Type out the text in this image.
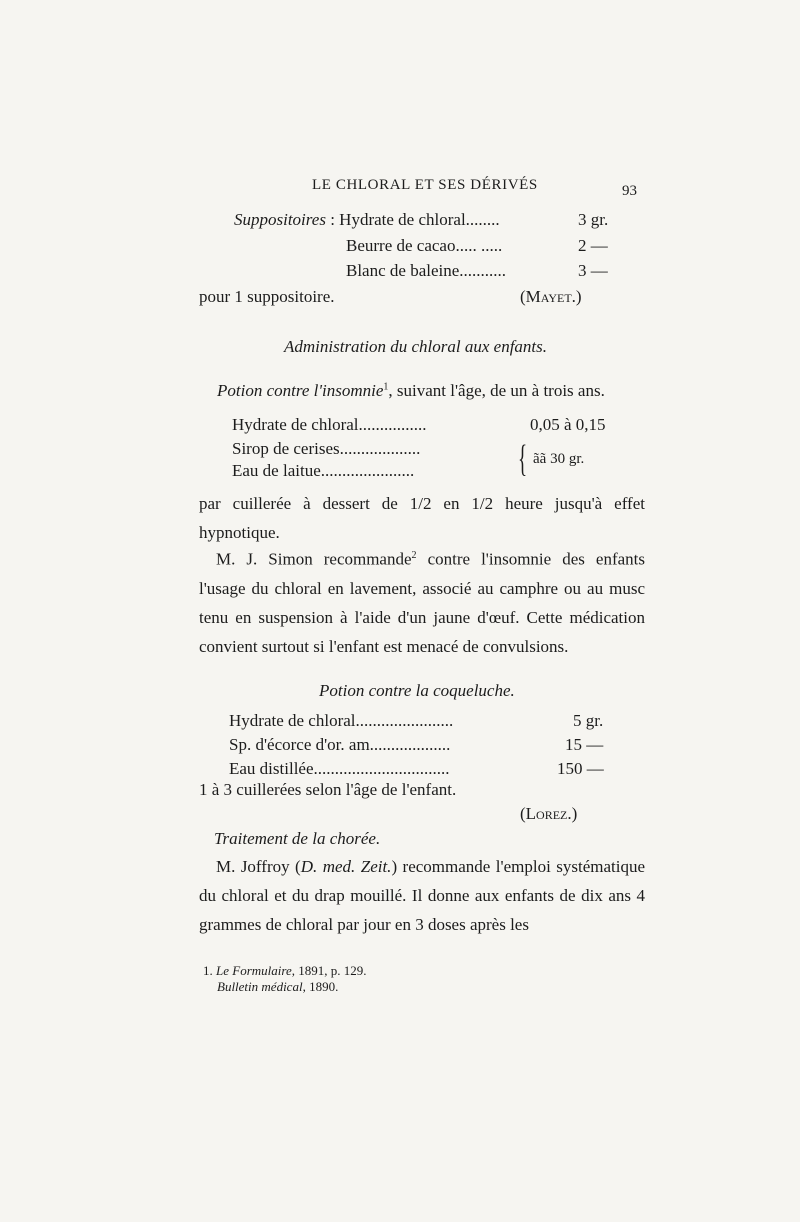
LE CHLORAL ET SES DÉRIVÉS	93
Suppositoires : Hydrate de chloral........	3 gr.
Beurre de cacao..... .....	2 —
Blanc de baleine...........	3 —
pour 1 suppositoire.	(Mayet.)
Administration du chloral aux enfants.
Potion contre l'insomnie$^1$, suivant l'âge, de un à trois ans.
Hydrate de chloral................	0,05 à 0,15
Sirop de cerises...................
Eau de laitue......................	{ ãã 30 gr.
par cuillerée à dessert de 1/2 en 1/2 heure jusqu'à effet hypnotique.
M. J. Simon recommande$^2$ contre l'insomnie des enfants l'usage du chloral en lavement, associé au camphre ou au musc tenu en suspension à l'aide d'un jaune d'œuf. Cette médication convient surtout si l'enfant est menacé de convulsions.
Potion contre la coqueluche.
Hydrate de chloral.......................	5 gr.
Sp. d'écorce d'or. am...................	15 —
Eau distillée................................	150 —
1 à 3 cuillerées selon l'âge de l'enfant.
(Lorez.)
Traitement de la chorée.
M. Joffroy (D. med. Zeit.) recommande l'emploi systématique du chloral et du drap mouillé. Il donne aux enfants de dix ans 4 grammes de chloral par jour en 3 doses après les
1. Le Formulaire, 1891, p. 129.
Bulletin médical, 1890.
